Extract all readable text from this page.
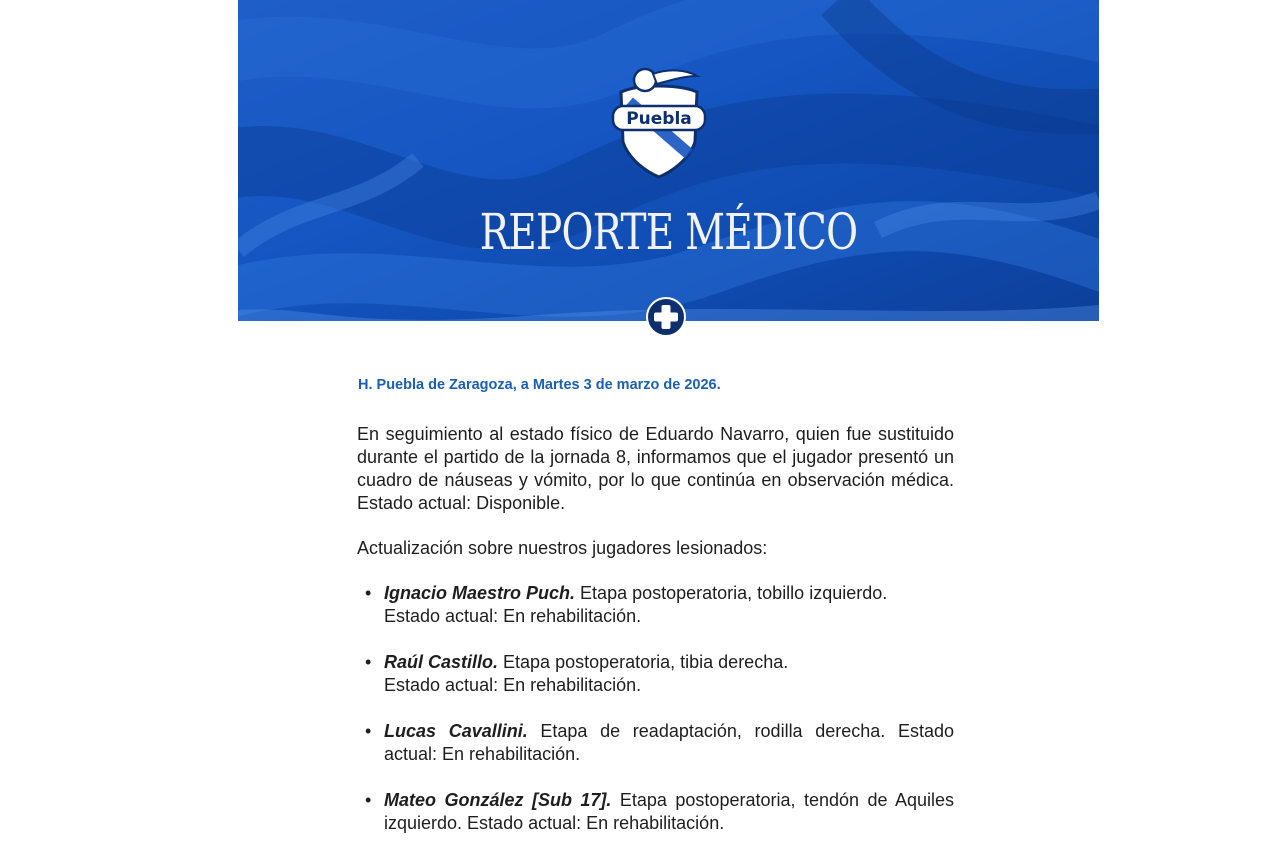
Puebla
REPORTE MÉDICO
H. Puebla de Zaragoza, a Martes 3 de marzo de 2026.

En seguimiento al estado físico de Eduardo Navarro, quien fue sustituido durante el partido de la jornada 8, informamos que el jugador presentó un cuadro de náuseas y vómito, por lo que continúa en observación médica. Estado actual: Disponible.

Actualización sobre nuestros jugadores lesionados:

• Ignacio Maestro Puch. Etapa postoperatoria, tobillo izquierdo.
Estado actual: En rehabilitación.
• Raúl Castillo. Etapa postoperatoria, tibia derecha.
Estado actual: En rehabilitación.
• Lucas Cavallini. Etapa de readaptación, rodilla derecha. Estado actual: En rehabilitación.
• Mateo González [Sub 17]. Etapa postoperatoria, tendón de Aquiles izquierdo. Estado actual: En rehabilitación.
